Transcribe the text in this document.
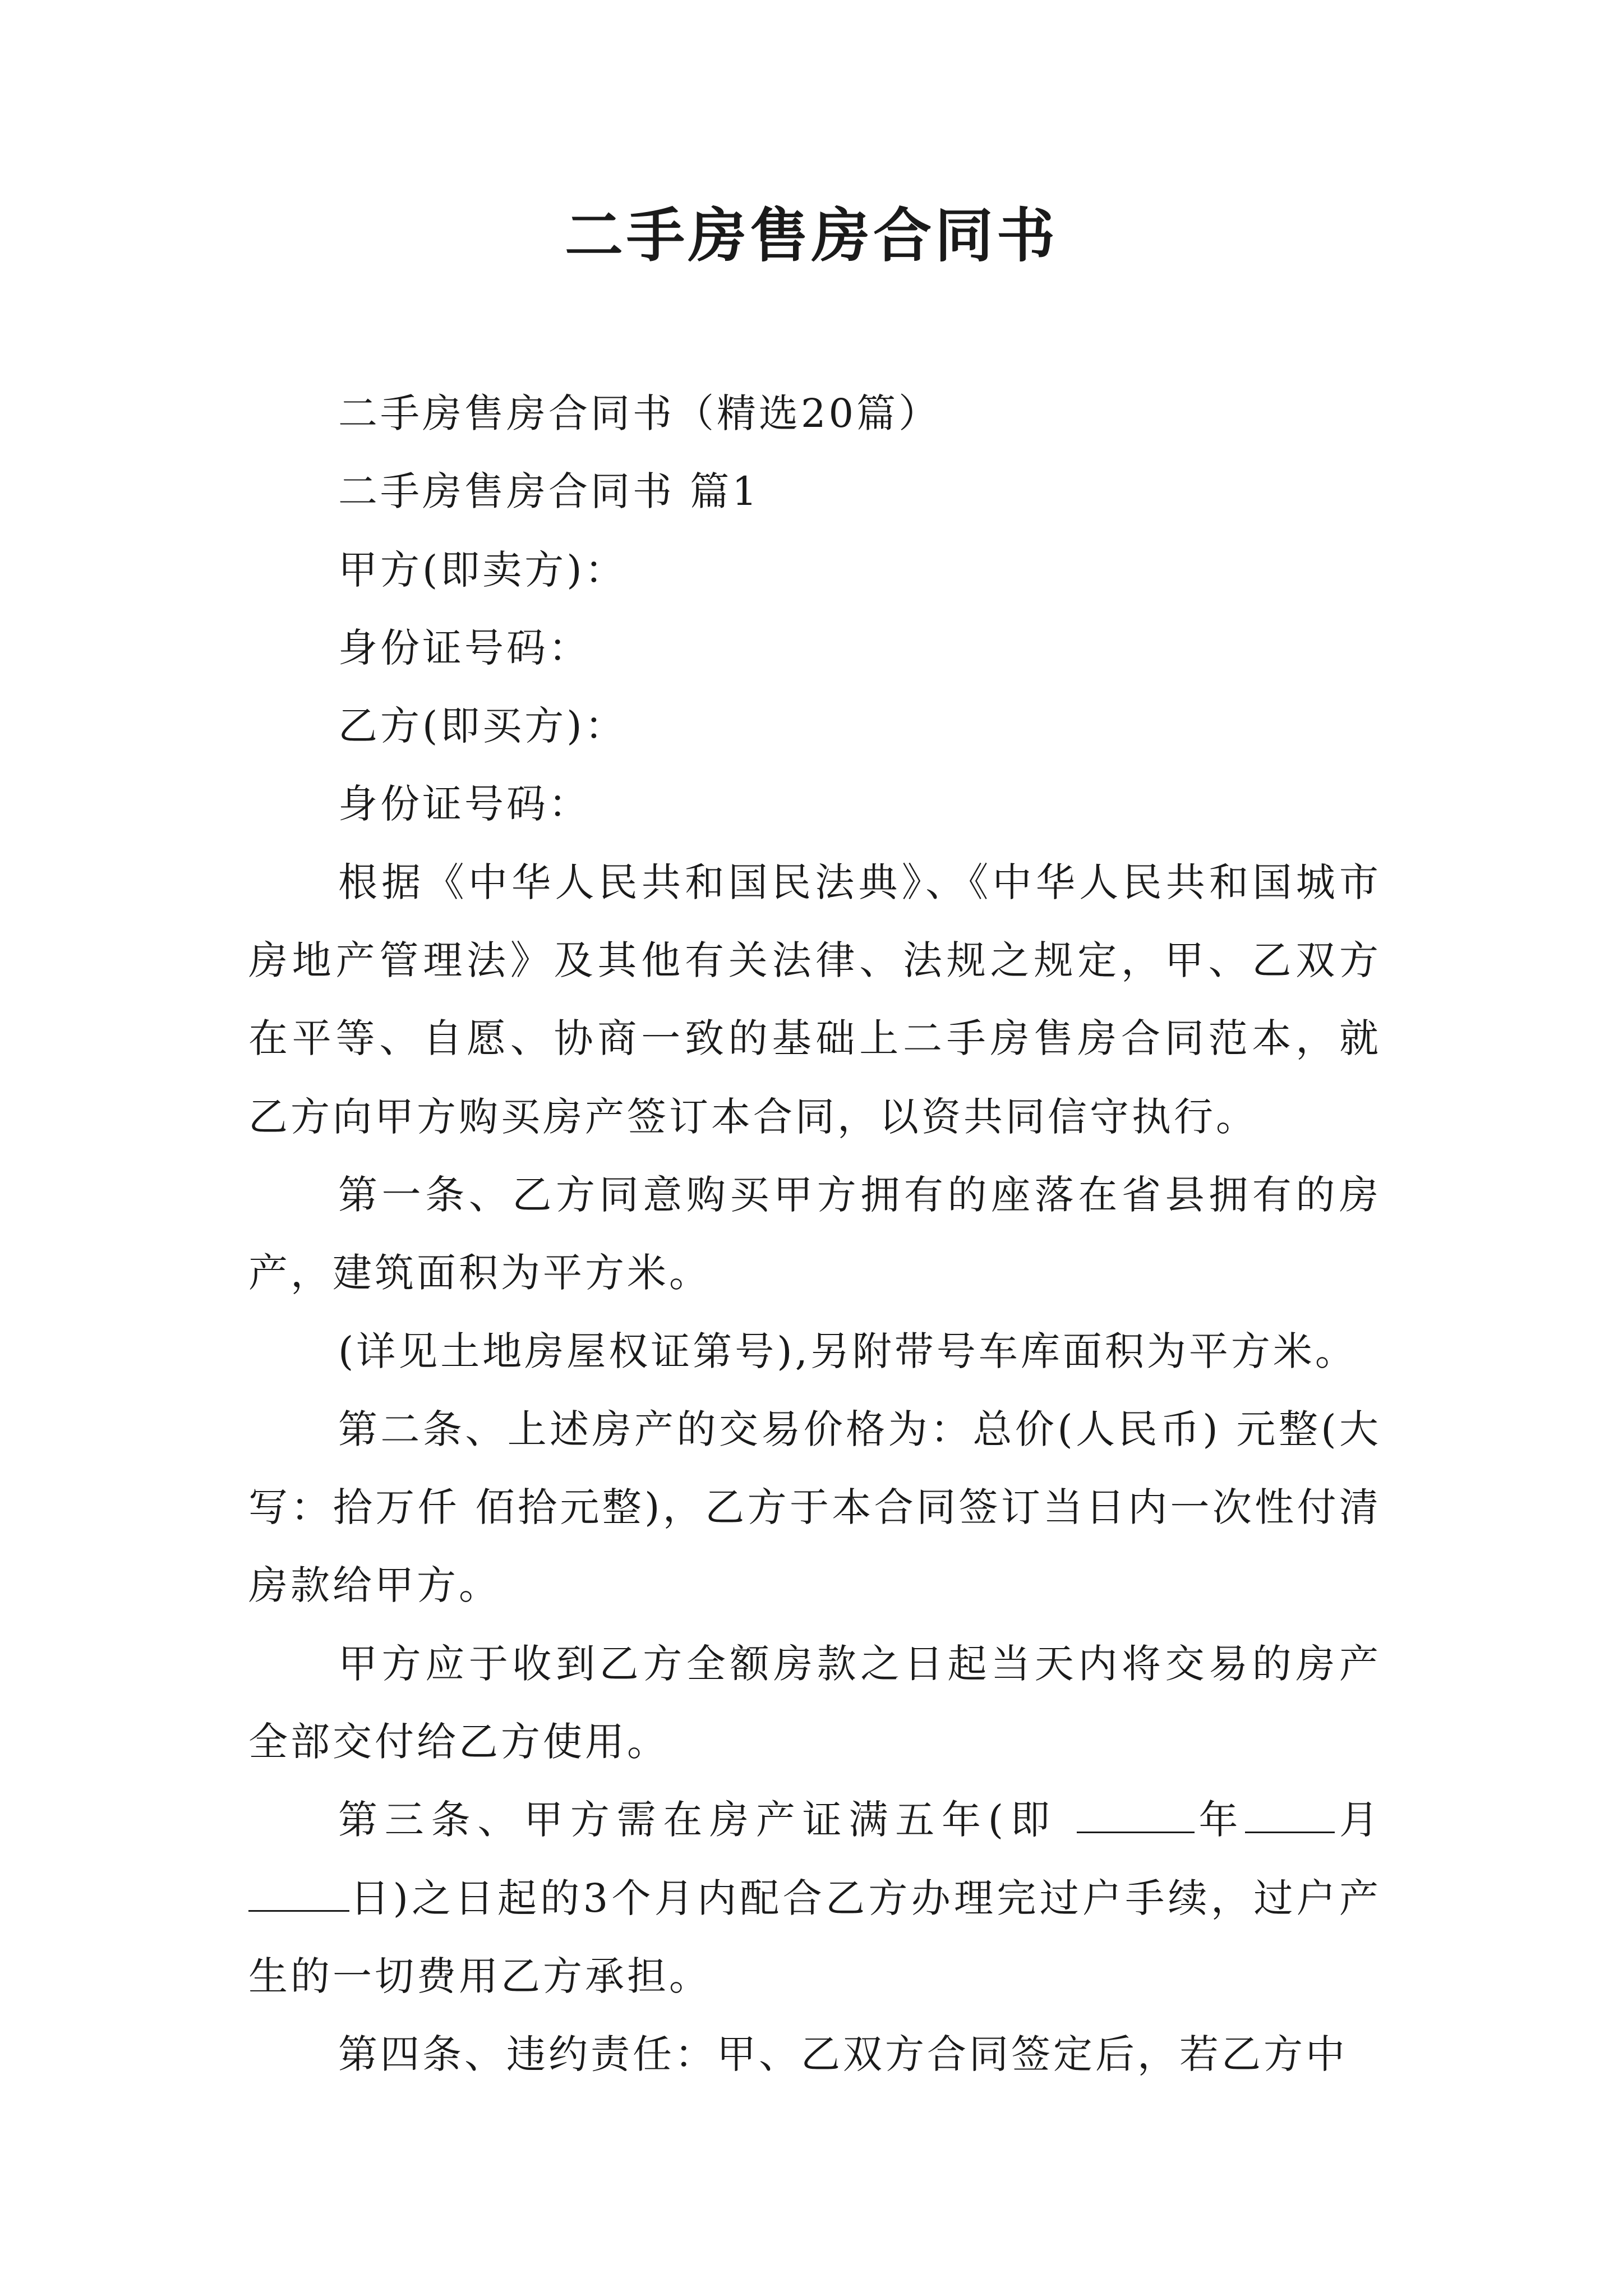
二手房售房合同书

二手房售房合同书（精选20篇）

二手房售房合同书 篇1

甲方(即卖方)：

身份证号码：

乙方(即买方)：

身份证号码：

根据《中华人民共和国民法典》、《中华人民共和国城市房地产管理法》及其他有关法律、法规之规定，甲、乙双方在平等、自愿、协商一致的基础上二手房售房合同范本，就乙方向甲方购买房产签订本合同，以资共同信守执行。

第一条、乙方同意购买甲方拥有的座落在省县拥有的房产，建筑面积为平方米。

(详见土地房屋权证第号),另附带号车库面积为平方米。

第二条、上述房产的交易价格为：总价(人民币) 元整(大写：拾万仟 佰拾元整)，乙方于本合同签订当日内一次性付清房款给甲方。

甲方应于收到乙方全额房款之日起当天内将交易的房产全部交付给乙方使用。

第三条、甲方需在房产证满五年(即	年 月日)之日起的3个月内配合乙方办理完过户手续，过户产生的一切费用乙方承担。

第四条、违约责任：甲、乙双方合同签定后，若乙方中
